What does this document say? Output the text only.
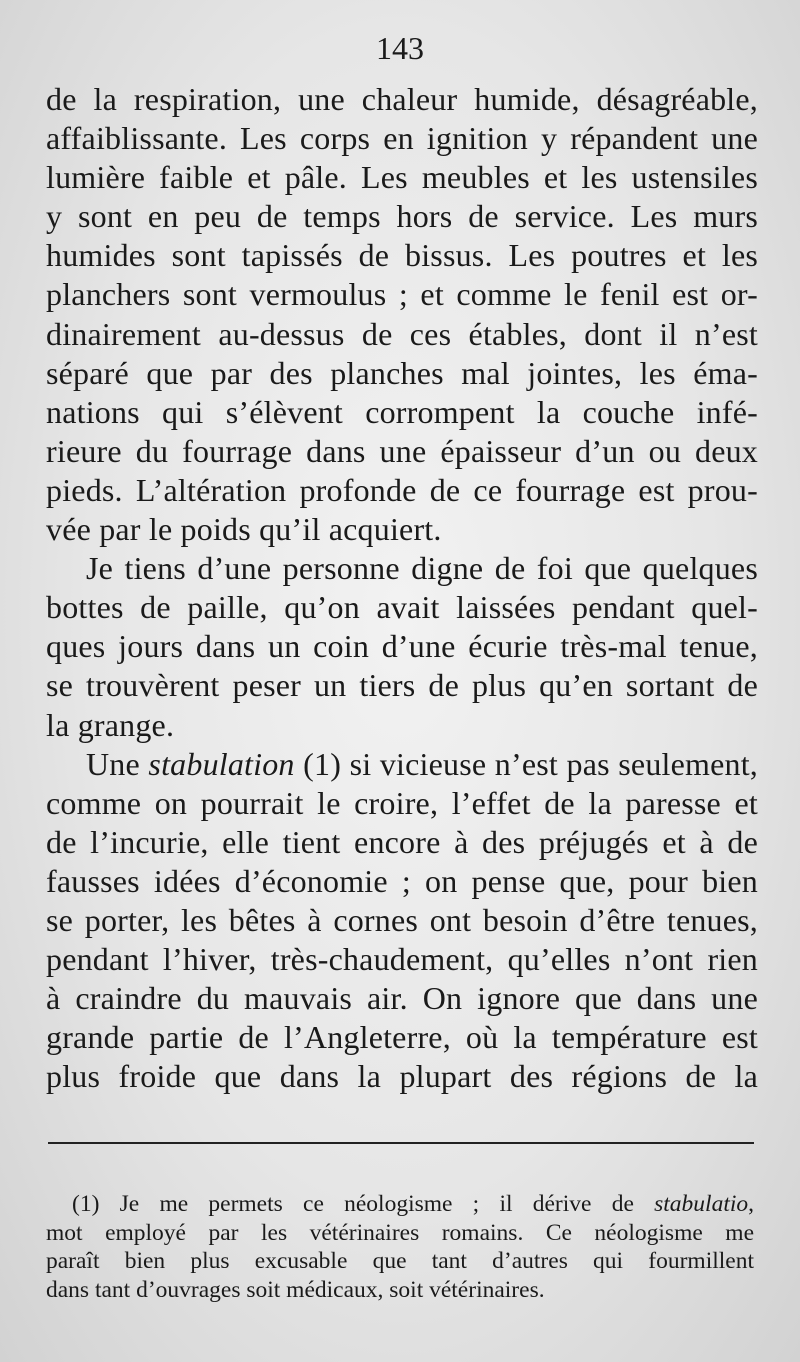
143
de la respiration, une chaleur humide, désagréable,
affaiblissante. Les corps en ignition y répandent une
lumière faible et pâle. Les meubles et les ustensiles
y sont en peu de temps hors de service. Les murs
humides sont tapissés de bissus. Les poutres et les
planchers sont vermoulus ; et comme le fenil est or-
dinairement au-dessus de ces étables, dont il n’est
séparé que par des planches mal jointes, les éma-
nations qui s’élèvent corrompent la couche infé-
rieure du fourrage dans une épaisseur d’un ou deux
pieds. L’altération profonde de ce fourrage est prou-
vée par le poids qu’il acquiert.
Je tiens d’une personne digne de foi que quelques
bottes de paille, qu’on avait laissées pendant quel-
ques jours dans un coin d’une écurie très-mal tenue,
se trouvèrent peser un tiers de plus qu’en sortant de
la grange.
Une stabulation (1) si vicieuse n’est pas seulement,
comme on pourrait le croire, l’effet de la paresse et
de l’incurie, elle tient encore à des préjugés et à de
fausses idées d’économie ; on pense que, pour bien
se porter, les bêtes à cornes ont besoin d’être tenues,
pendant l’hiver, très-chaudement, qu’elles n’ont rien
à craindre du mauvais air. On ignore que dans une
grande partie de l’Angleterre, où la température est
plus froide que dans la plupart des régions de la
(1) Je me permets ce néologisme ; il dérive de stabulatio,
mot employé par les vétérinaires romains. Ce néologisme me
paraît bien plus excusable que tant d’autres qui fourmillent
dans tant d’ouvrages soit médicaux, soit vétérinaires.
